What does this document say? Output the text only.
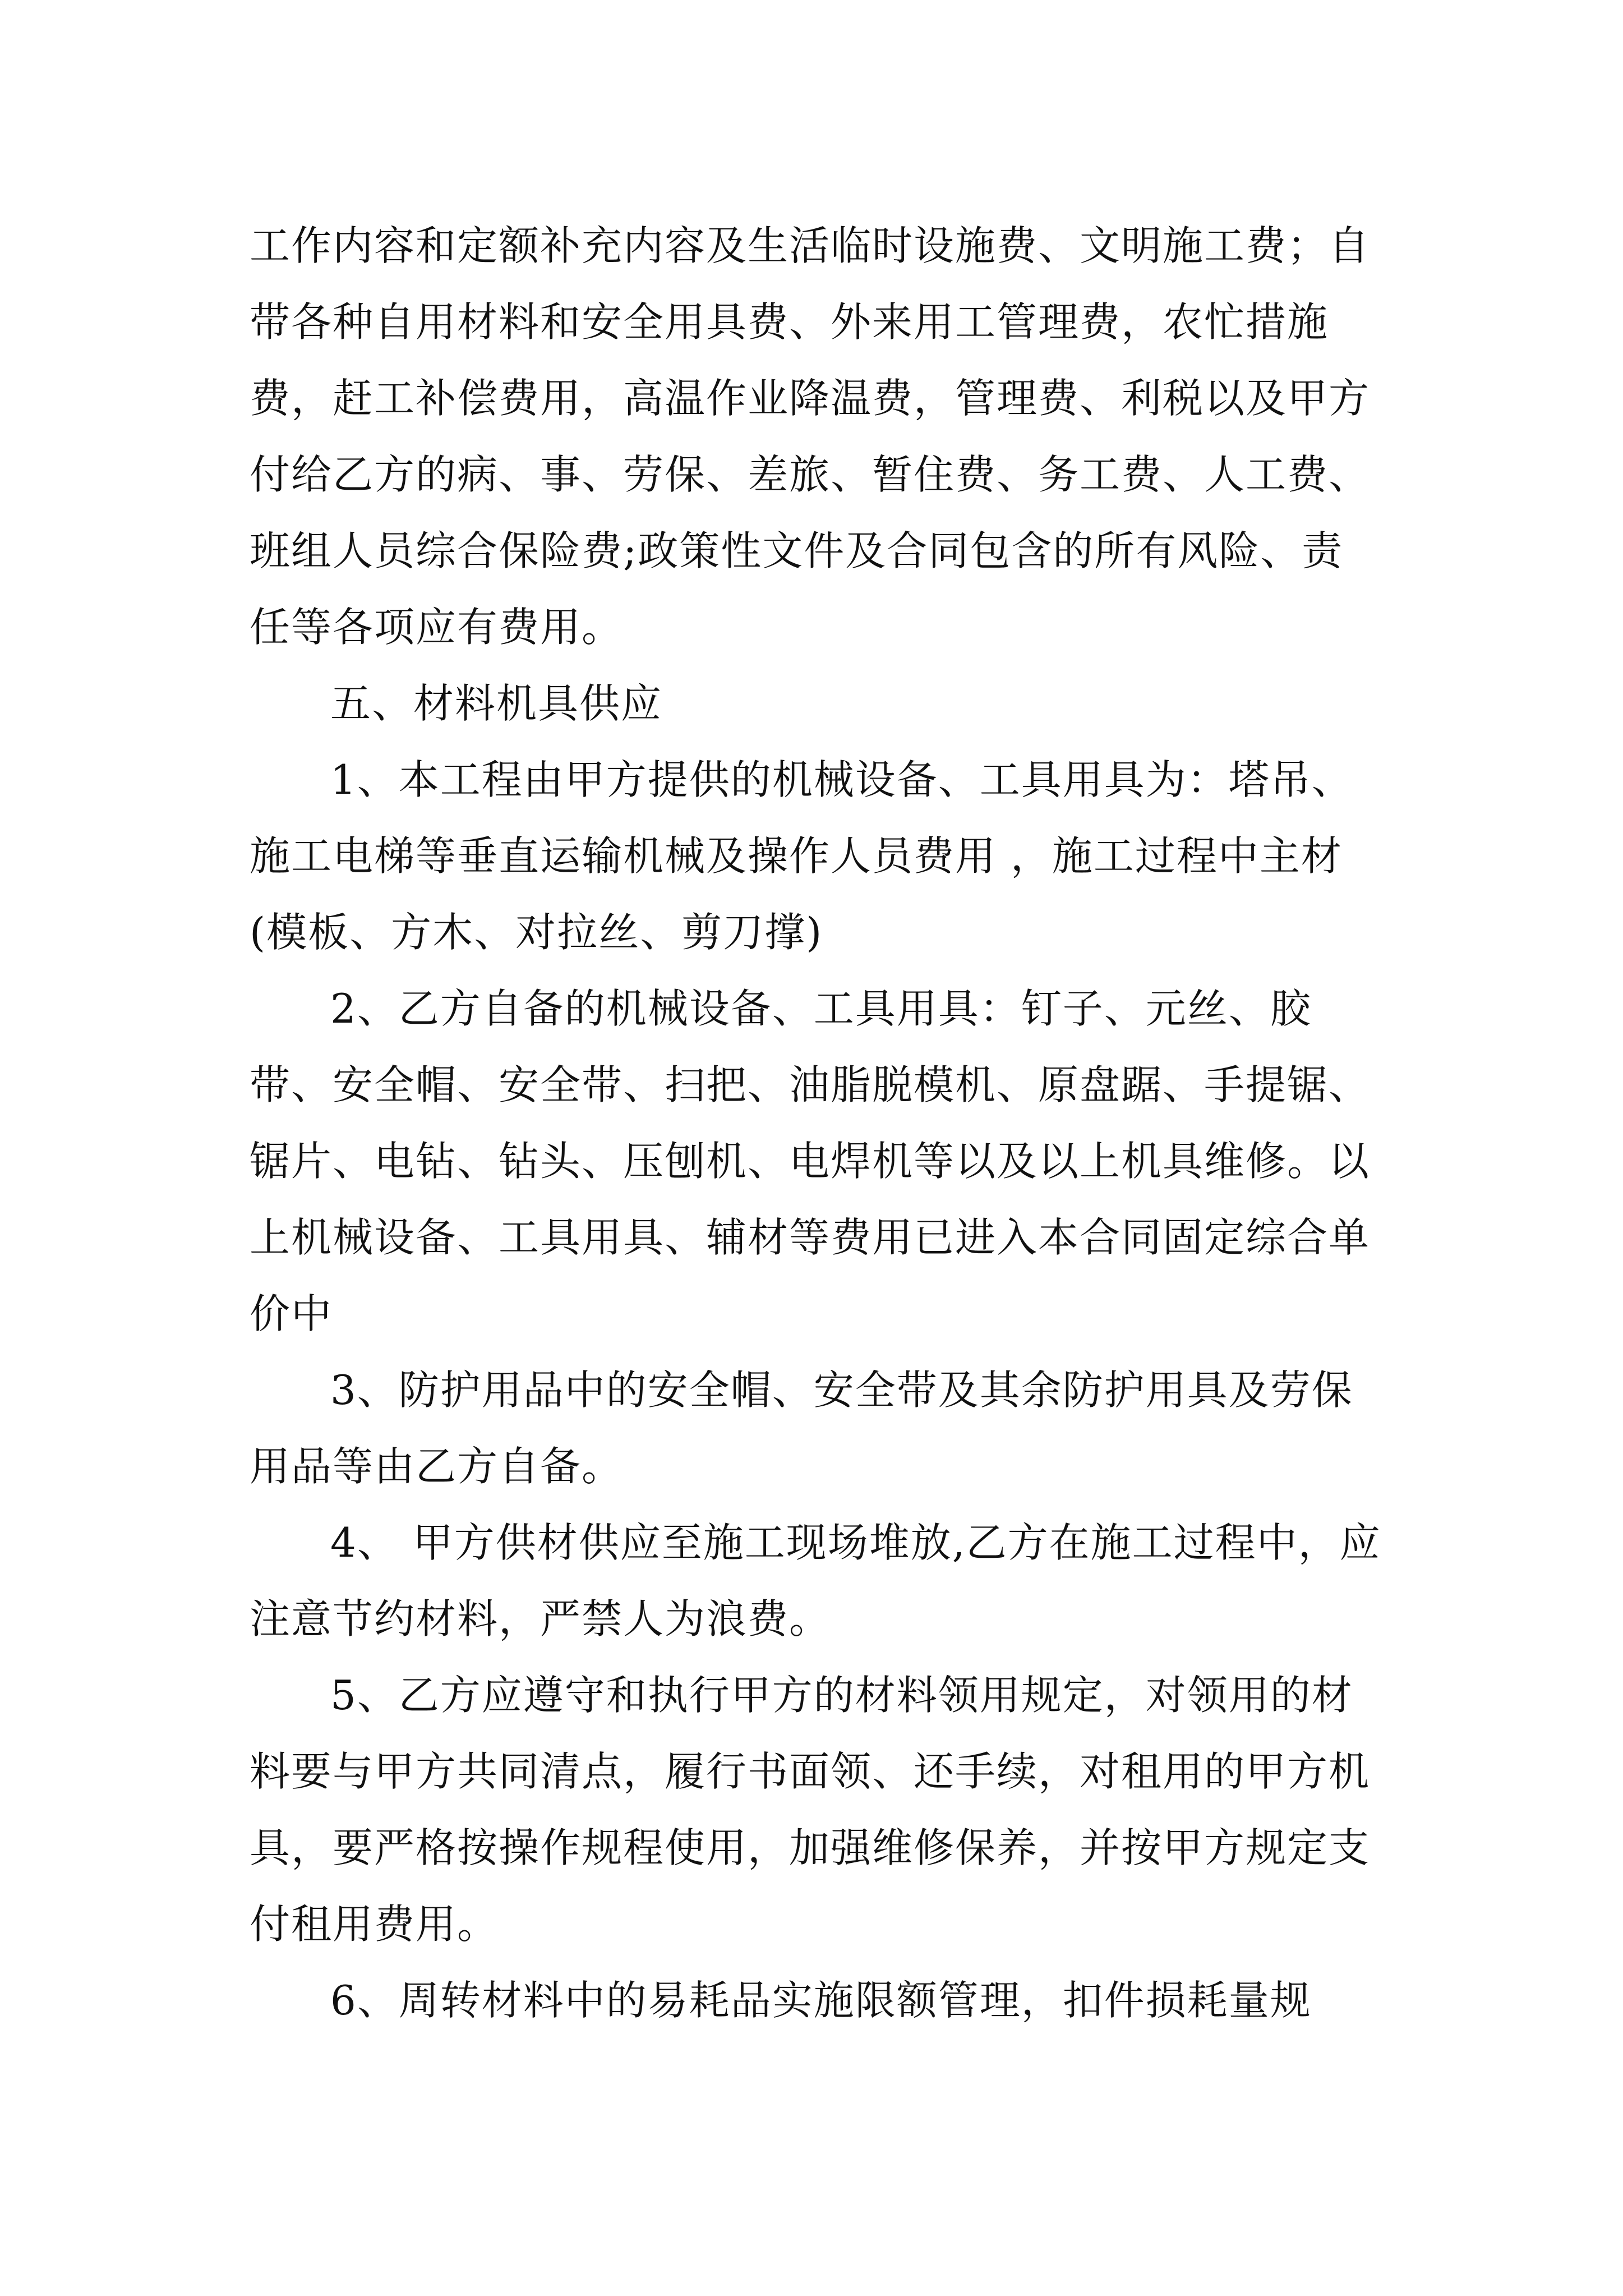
工作内容和定额补充内容及生活临时设施费、文明施工费；自带各种自用材料和安全用具费、外来用工管理费，农忙措施费，赶工补偿费用，高温作业降温费，管理费、利税以及甲方付给乙方的病、事、劳保、差旅、暂住费、务工费、人工费、班组人员综合保险费;政策性文件及合同包含的所有风险、责任等各项应有费用。

五、材料机具供应

1、本工程由甲方提供的机械设备、工具用具为：塔吊、施工电梯等垂直运输机械及操作人员费用 ，施工过程中主材(模板、方木、对拉丝、剪刀撑)

2、乙方自备的机械设备、工具用具：钉子、元丝、胶带、安全帽、安全带、扫把、油脂脱模机、原盘踞、手提锯、锯片、电钻、钻头、压刨机、电焊机等以及以上机具维修。以上机械设备、工具用具、辅材等费用已进入本合同固定综合单价中

3、防护用品中的安全帽、安全带及其余防护用具及劳保用品等由乙方自备。

4、 甲方供材供应至施工现场堆放,乙方在施工过程中，应注意节约材料，严禁人为浪费。

5、乙方应遵守和执行甲方的材料领用规定，对领用的材料要与甲方共同清点，履行书面领、还手续，对租用的甲方机具，要严格按操作规程使用，加强维修保养，并按甲方规定支付租用费用。

6、周转材料中的易耗品实施限额管理，扣件损耗量规
